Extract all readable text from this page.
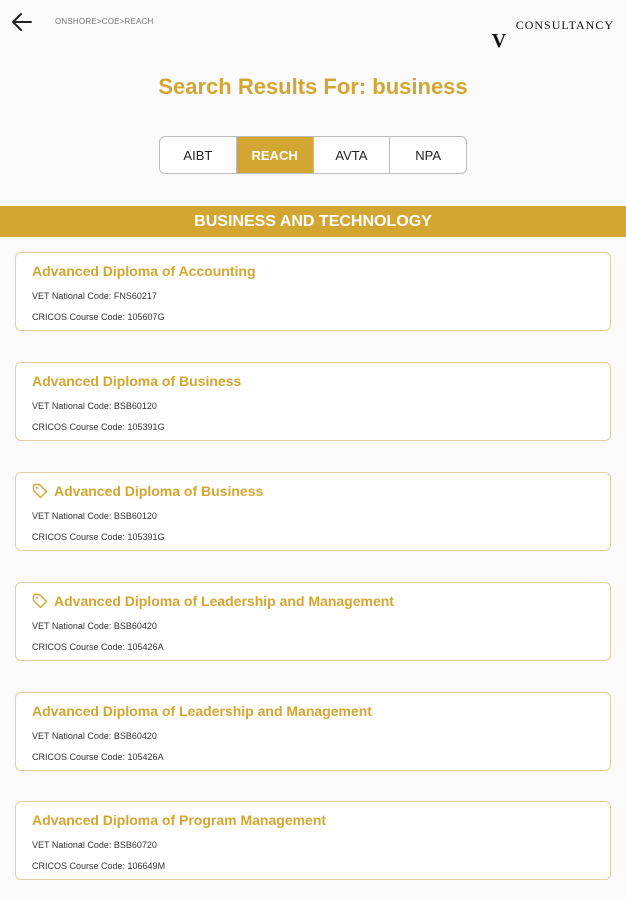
ONSHORE>COE>REACH
V
CONSULTANCY
Search Results For: business
AIBT	REACH	AVTA	NPA
BUSINESS AND TECHNOLOGY
Advanced Diploma of Accounting
VET National Code: FNS60217
CRICOS Course Code: 105607G
Advanced Diploma of Business
VET National Code: BSB60120
CRICOS Course Code: 105391G
Advanced Diploma of Business
VET National Code: BSB60120
CRICOS Course Code: 105391G
Advanced Diploma of Leadership and Management
VET National Code: BSB60420
CRICOS Course Code: 105426A
Advanced Diploma of Leadership and Management
VET National Code: BSB60420
CRICOS Course Code: 105426A
Advanced Diploma of Program Management
VET National Code: BSB60720
CRICOS Course Code: 106649M
